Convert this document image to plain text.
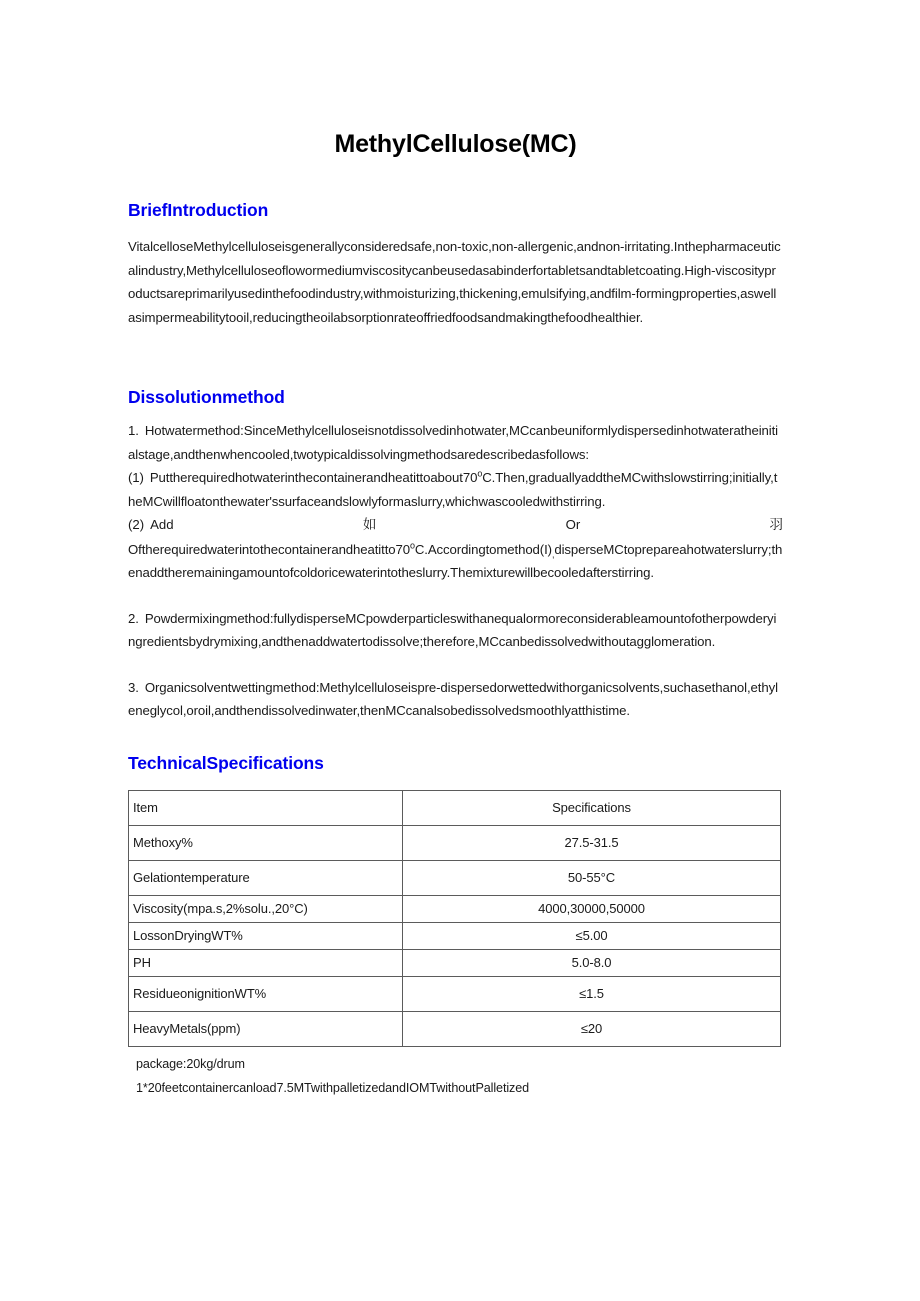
MethylCellulose(MC)
BriefIntroduction

VitalcelloseMethylcelluloseisgenerallyconsideredsafe,non-toxic,non-allergenic,andnon-irritating.Inthepharmaceuticalindustry,Methylcelluloseoflowormediumviscositycanbeusedasabinderfortabletsandtabletcoating.High-viscosityproductsareprimarilyusedinthefoodindustry,withmoisturizing,thickening,emulsifying,andfilm-formingproperties,aswellasimpermeabilitytooil,reducingtheoilabsorptionrateoffriedfoodsandmakingthefoodhealthier.

Dissolutionmethod

1. Hotwatermethod:SinceMethylcelluloseisnotdissolvedinhotwater,MCcanbeuniformlydispersedinhotwateratheinitialstage,andthenwhencooled,twotypicaldissolvingmethodsaredescribedasfollows:

(1) Puttherequiredhotwaterinthecontainerandheatittoabout70$^o$C.Then,graduallyaddtheMCwithslowstirring;initially,theMCwillfloatonthewater'ssurfaceandslowlyformaslurry,whichwascooledwithstirring.

(2) Add	如	Or	羽

$Oftherequiredwaterintothecontainerandheatitto70^oC.Accordingtomethod(I)_,disperseMCtoprepareahotwaterslurry;thenaddtherema$iningamountofcoldoricewaterintotheslurry.Themixturewillbecooledafterstirring.

2. Powdermixingmethod:fullydisperseMCpowderparticleswithanequalormoreconsiderableamountofotherpowderyingredientsbydrymixing,andthenaddwatertodissolve;therefore,MCcanbedissolvedwithoutagglomeration.

3. Organicsolventwettingmethod:Methylcelluloseispre-dispersedorwettedwithorganicsolvents,suchasethanol,ethyleneglycol,oroil,andthendissolvedinwater,thenMCcanalsobedissolvedsmoothlyatthistime.

TechnicalSpecifications
Item	Specifications
Methoxy%	27.5-31.5
Gelationtemperature	50-55°C
Viscosity(mpa.s,2%solu.,20°C)	4000,30000,50000
LossonDryingWT%	≤5.00
PH	5.0-8.0
ResidueonignitionWT%	≤1.5
HeavyMetals(ppm)	≤20

package:20kg/drum

1*20feetcontainercanload7.5MTwithpalletizedandIOMTwithoutPalletized
